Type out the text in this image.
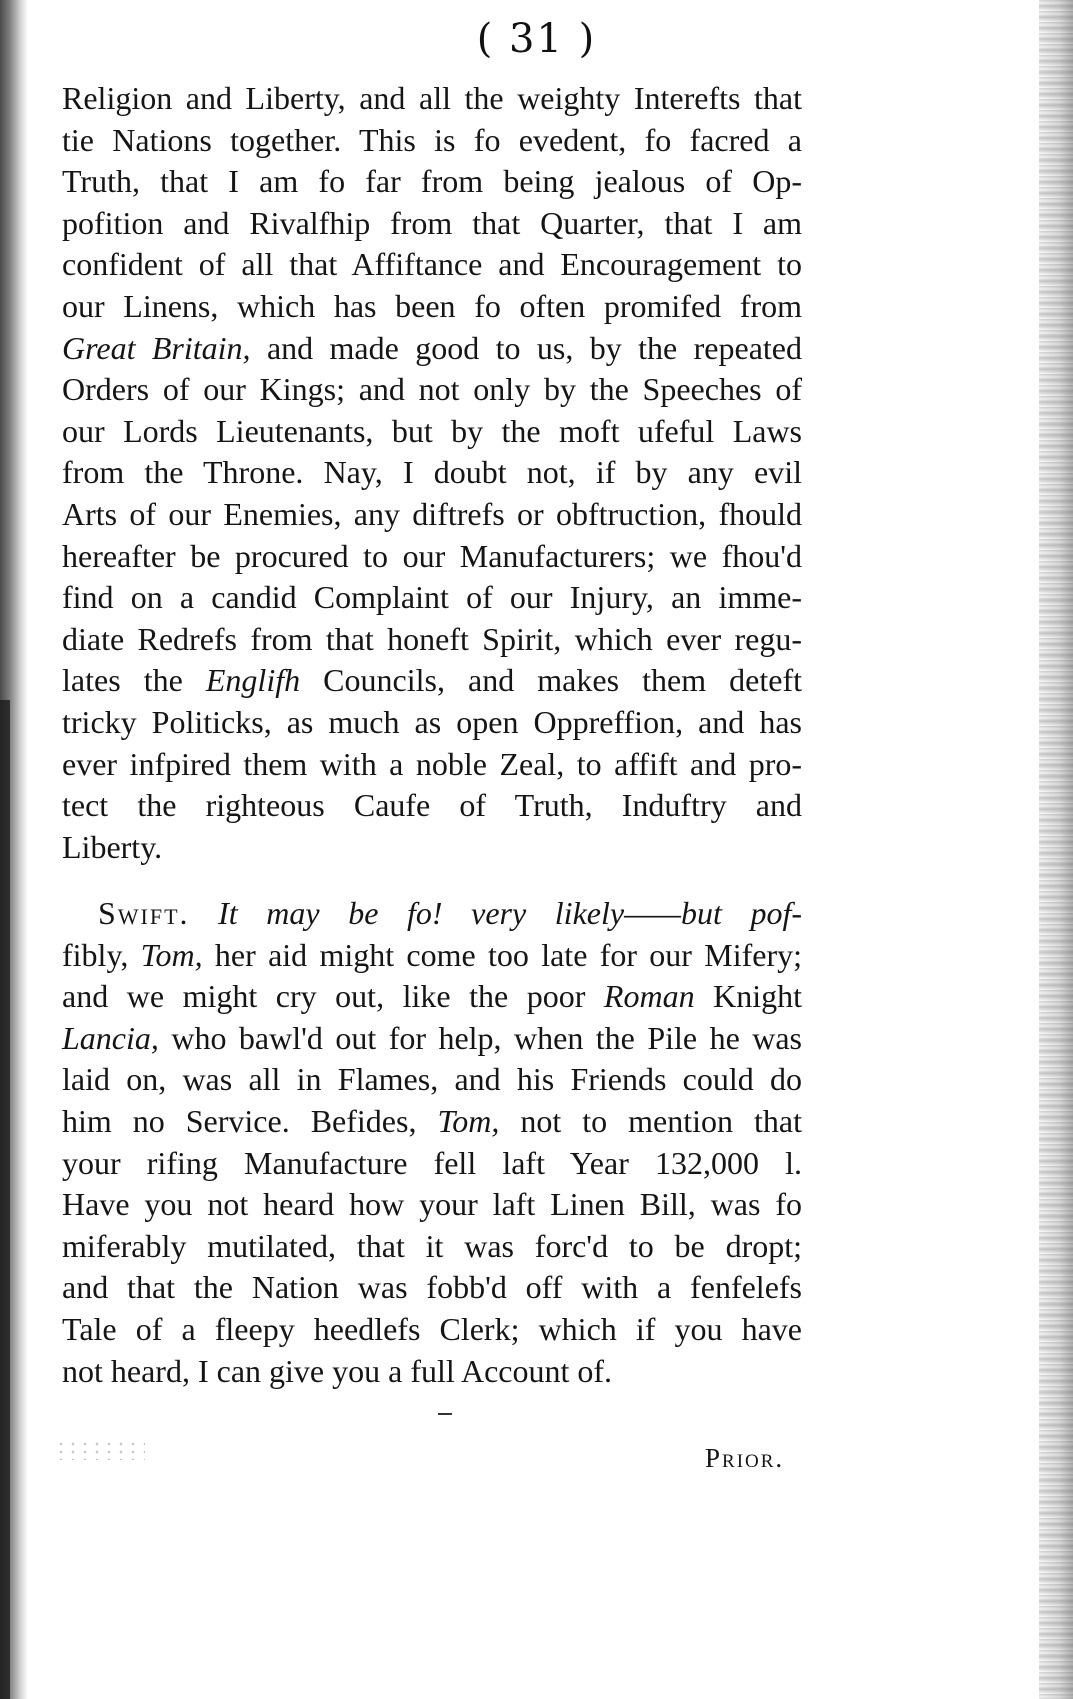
( 31 )
Religion and Liberty, and all the weighty Interefts that
tie Nations together. This is fo evedent, fo facred a
Truth, that I am fo far from being jealous of Op-
pofition and Rivalfhip from that Quarter, that I am
confident of all that Affiftance and Encouragement to
our Linens, which has been fo often promifed from
Great Britain, and made good to us, by the repeated
Orders of our Kings; and not only by the Speeches of
our Lords Lieutenants, but by the moft ufeful Laws
from the Throne. Nay, I doubt not, if by any evil
Arts of our Enemies, any diftrefs or obftruction, fhould
hereafter be procured to our Manufacturers; we fhou'd
find on a candid Complaint of our Injury, an imme-
diate Redrefs from that honeft Spirit, which ever regu-
lates the Englifh Councils, and makes them deteft
tricky Politicks, as much as open Oppreffion, and has
ever infpired them with a noble Zeal, to affift and pro-
tect the righteous Caufe of Truth, Induftry and
Liberty.
Swift. It may be fo! very likely——but pof-
fibly, Tom, her aid might come too late for our Mifery;
and we might cry out, like the poor Roman Knight
Lancia, who bawl'd out for help, when the Pile he was
laid on, was all in Flames, and his Friends could do
him no Service. Befides, Tom, not to mention that
your rifing Manufacture fell laft Year 132,000 l.
Have you not heard how your laft Linen Bill, was fo
miferably mutilated, that it was forc'd to be dropt;
and that the Nation was fobb'd off with a fenfelefs
Tale of a fleepy heedlefs Clerk; which if you have
not heard, I can give you a full Account of.
Prior.
